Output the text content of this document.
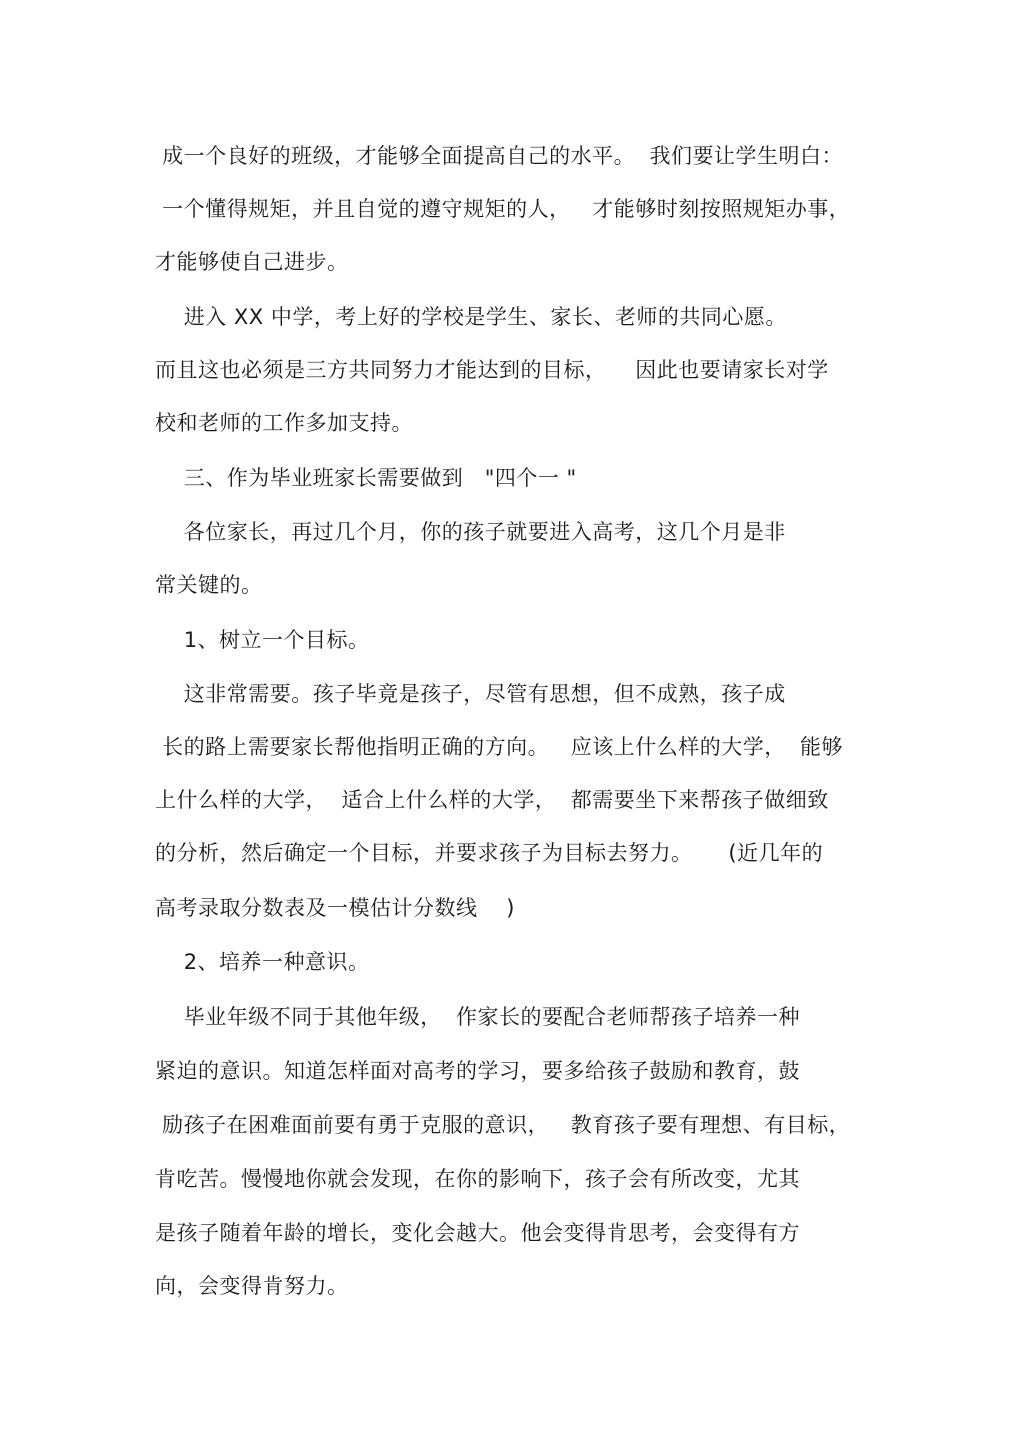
成一个良好的班级，才能够全面提高自己的水平。  我们要让学生明白：
一个懂得规矩，并且自觉的遵守规矩的人，   才能够时刻按照规矩办事，
才能够使自己进步。
进入 XX 中学，考上好的学校是学生、家长、老师的共同心愿。
而且这也必须是三方共同努力才能达到的目标，    因此也要请家长对学
校和老师的工作多加支持。
三、作为毕业班家长需要做到   "四个一 "
各位家长，再过几个月，你的孩子就要进入高考，这几个月是非
常关键的。
1、树立一个目标。
这非常需要。孩子毕竟是孩子，尽管有思想，但不成熟，孩子成
长的路上需要家长帮他指明正确的方向。   应该上什么样的大学，  能够
上什么样的大学，  适合上什么样的大学，  都需要坐下来帮孩子做细致
的分析，然后确定一个目标，并要求孩子为目标去努力。     (近几年的
高考录取分数表及一模估计分数线    )
2、培养一种意识。
毕业年级不同于其他年级，  作家长的要配合老师帮孩子培养一种
紧迫的意识。知道怎样面对高考的学习，要多给孩子鼓励和教育，鼓
励孩子在困难面前要有勇于克服的意识，   教育孩子要有理想、有目标，
肯吃苦。慢慢地你就会发现，在你的影响下，孩子会有所改变，尤其
是孩子随着年龄的增长，变化会越大。他会变得肯思考，会变得有方
向，会变得肯努力。
